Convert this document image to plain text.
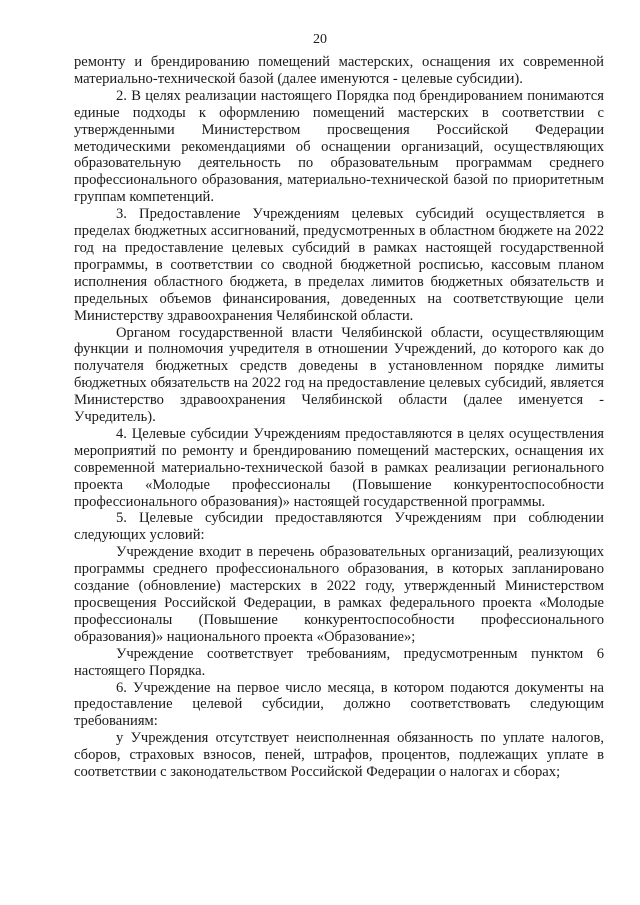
20

ремонту и брендированию помещений мастерских, оснащения их современной материально-технической базой (далее именуются - целевые субсидии).

2. В целях реализации настоящего Порядка под брендированием понимаются единые подходы к оформлению помещений мастерских в соответствии с утвержденными Министерством просвещения Российской Федерации методическими рекомендациями об оснащении организаций, осуществляющих образовательную деятельность по образовательным программам среднего профессионального образования, материально-технической базой по приоритетным группам компетенций.

3. Предоставление Учреждениям целевых субсидий осуществляется в пределах бюджетных ассигнований, предусмотренных в областном бюджете на 2022 год на предоставление целевых субсидий в рамках настоящей государственной программы, в соответствии со сводной бюджетной росписью, кассовым планом исполнения областного бюджета, в пределах лимитов бюджетных обязательств и предельных объемов финансирования, доведенных на соответствующие цели Министерству здравоохранения Челябинской области.

Органом государственной власти Челябинской области, осуществляющим функции и полномочия учредителя в отношении Учреждений, до которого как до получателя бюджетных средств доведены в установленном порядке лимиты бюджетных обязательств на 2022 год на предоставление целевых субсидий, является Министерство здравоохранения Челябинской области (далее именуется - Учредитель).

4. Целевые субсидии Учреждениям предоставляются в целях осуществления мероприятий по ремонту и брендированию помещений мастерских, оснащения их современной материально-технической базой в рамках реализации регионального проекта «Молодые профессионалы (Повышение конкурентоспособности профессионального образования)» настоящей государственной программы.

5. Целевые субсидии предоставляются Учреждениям при соблюдении следующих условий:

Учреждение входит в перечень образовательных организаций, реализующих программы среднего профессионального образования, в которых запланировано создание (обновление) мастерских в 2022 году, утвержденный Министерством просвещения Российской Федерации, в рамках федерального проекта «Молодые профессионалы (Повышение конкурентоспособности профессионального образования)» национального проекта «Образование»;

Учреждение соответствует требованиям, предусмотренным пунктом 6 настоящего Порядка.

6. Учреждение на первое число месяца, в котором подаются документы на предоставление целевой субсидии, должно соответствовать следующим требованиям:

у Учреждения отсутствует неисполненная обязанность по уплате налогов, сборов, страховых взносов, пеней, штрафов, процентов, подлежащих уплате в соответствии с законодательством Российской Федерации о налогах и сборах;
